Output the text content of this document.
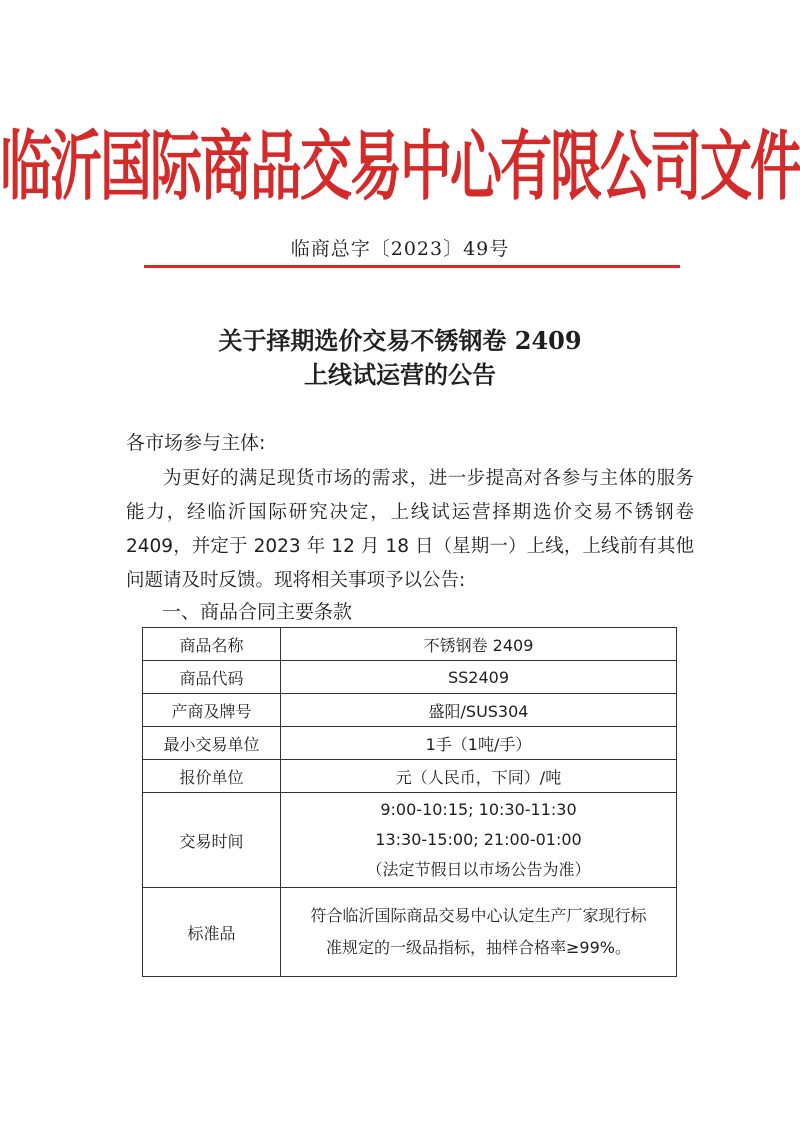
临沂国际商品交易中心有限公司文件
临商总字〔2023〕49号
关于择期选价交易不锈钢卷 2409
上线试运营的公告
各市场参与主体:
为更好的满足现货市场的需求，进一步提高对各参与主体的服务能力，经临沂国际研究决定，上线试运营择期选价交易不锈钢卷 2409，并定于 2023 年 12 月 18 日（星期一）上线，上线前有其他问题请及时反馈。现将相关事项予以公告:
一、商品合同主要条款
商品名称	不锈钢卷 2409
商品代码	SS2409
产商及牌号	盛阳/SUS304
最小交易单位	1手（1吨/手）
报价单位	元（人民币，下同）/吨
交易时间	9:00-10:15; 10:30-11:30
13:30-15:00; 21:00-01:00
（法定节假日以市场公告为准）

标准品	符合临沂国际商品交易中心认定生产厂家现行标
准规定的一级品指标，抽样合格率≥99%。
